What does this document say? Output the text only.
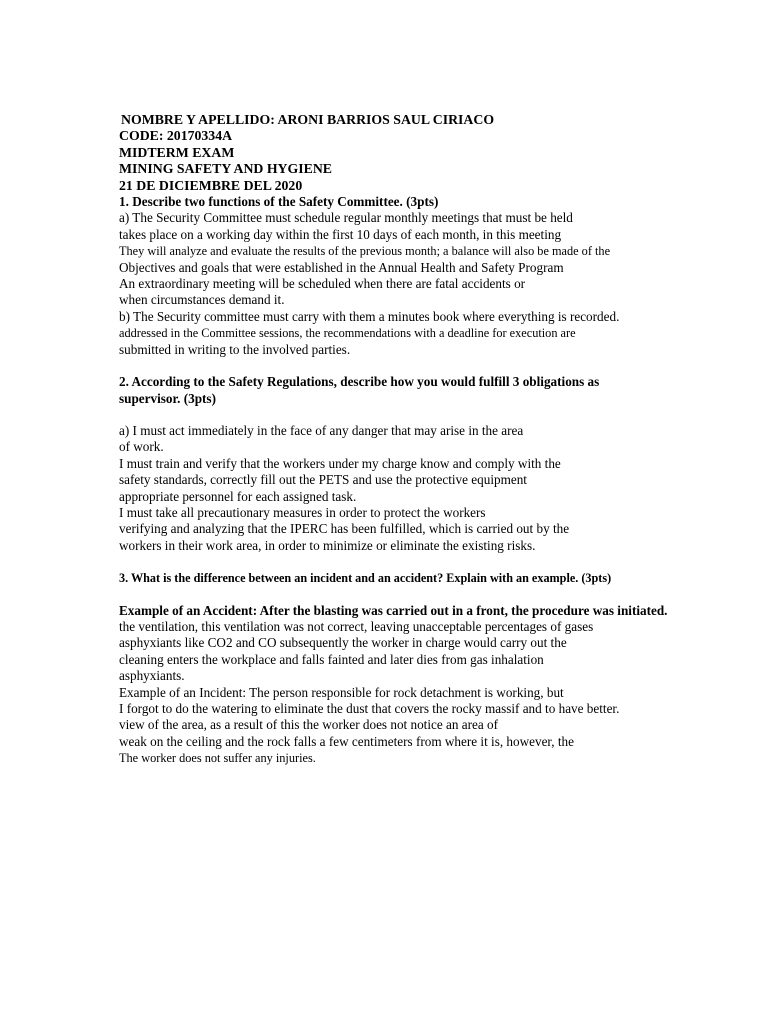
NOMBRE Y APELLIDO: ARONI BARRIOS SAUL CIRIACO
CODE: 20170334A
MIDTERM EXAM
MINING SAFETY AND HYGIENE
21 DE DICIEMBRE DEL 2020
1. Describe two functions of the Safety Committee. (3pts)
a) The Security Committee must schedule regular monthly meetings that must be held
takes place on a working day within the first 10 days of each month, in this meeting
They will analyze and evaluate the results of the previous month; a balance will also be made of the
Objectives and goals that were established in the Annual Health and Safety Program
An extraordinary meeting will be scheduled when there are fatal accidents or
when circumstances demand it.
b) The Security committee must carry with them a minutes book where everything is recorded.
addressed in the Committee sessions, the recommendations with a deadline for execution are
submitted in writing to the involved parties.
2. According to the Safety Regulations, describe how you would fulfill 3 obligations as
supervisor. (3pts)
a) I must act immediately in the face of any danger that may arise in the area
of work.
I must train and verify that the workers under my charge know and comply with the
safety standards, correctly fill out the PETS and use the protective equipment
appropriate personnel for each assigned task.
I must take all precautionary measures in order to protect the workers
verifying and analyzing that the IPERC has been fulfilled, which is carried out by the
workers in their work area, in order to minimize or eliminate the existing risks.
3. What is the difference between an incident and an accident? Explain with an example. (3pts)
Example of an Accident: After the blasting was carried out in a front, the procedure was initiated.
the ventilation, this ventilation was not correct, leaving unacceptable percentages of gases
asphyxiants like CO2 and CO subsequently the worker in charge would carry out the
cleaning enters the workplace and falls fainted and later dies from gas inhalation
asphyxiants.
Example of an Incident: The person responsible for rock detachment is working, but
I forgot to do the watering to eliminate the dust that covers the rocky massif and to have better.
view of the area, as a result of this the worker does not notice an area of
weak on the ceiling and the rock falls a few centimeters from where it is, however, the
The worker does not suffer any injuries.
